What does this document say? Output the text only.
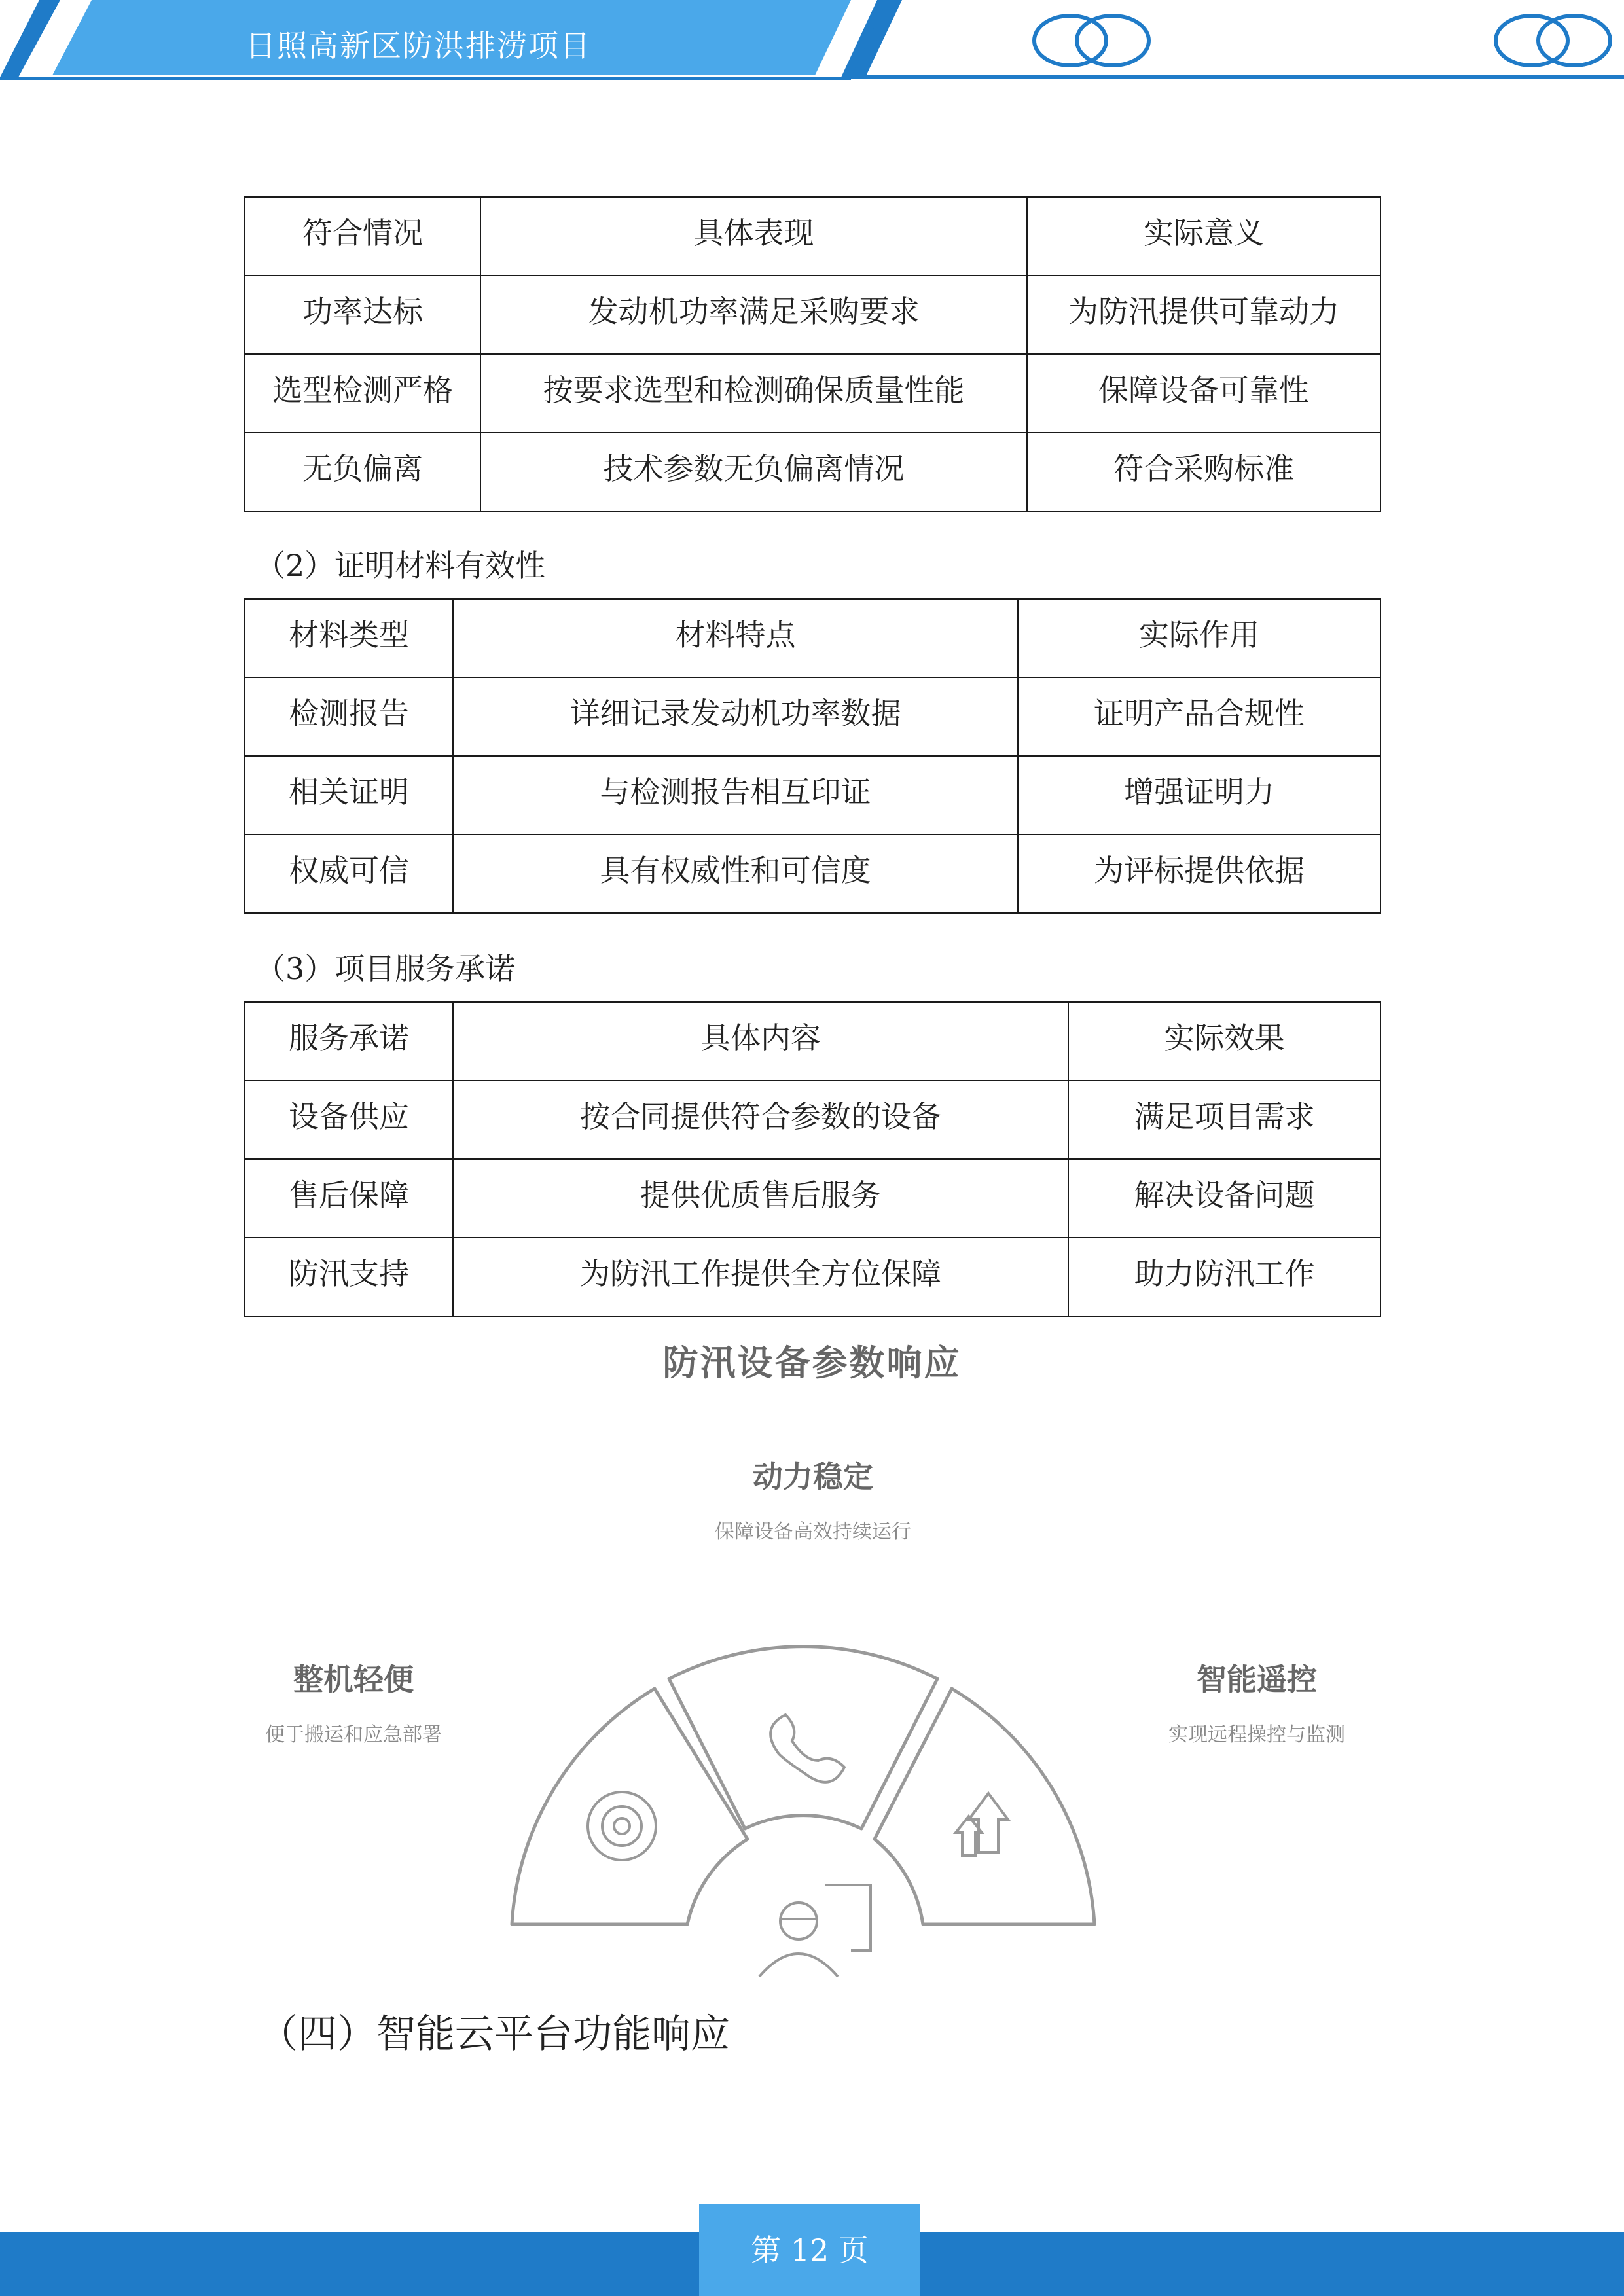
日照高新区防洪排涝项目
符合情况	具体表现	实际意义
功率达标	发动机功率满足采购要求	为防汛提供可靠动力
选型检测严格	按要求选型和检测确保质量性能	保障设备可靠性
无负偏离	技术参数无负偏离情况	符合采购标准
（2）证明材料有效性
材料类型	材料特点	实际作用
检测报告	详细记录发动机功率数据	证明产品合规性
相关证明	与检测报告相互印证	增强证明力
权威可信	具有权威性和可信度	为评标提供依据
（3）项目服务承诺
服务承诺	具体内容	实际效果
设备供应	按合同提供符合参数的设备	满足项目需求
售后保障	提供优质售后服务	解决设备问题
防汛支持	为防汛工作提供全方位保障	助力防汛工作
防汛设备参数响应
动力稳定
保障设备高效持续运行
整机轻便
便于搬运和应急部署
智能遥控
实现远程操控与监测
（四）智能云平台功能响应
第 12 页
